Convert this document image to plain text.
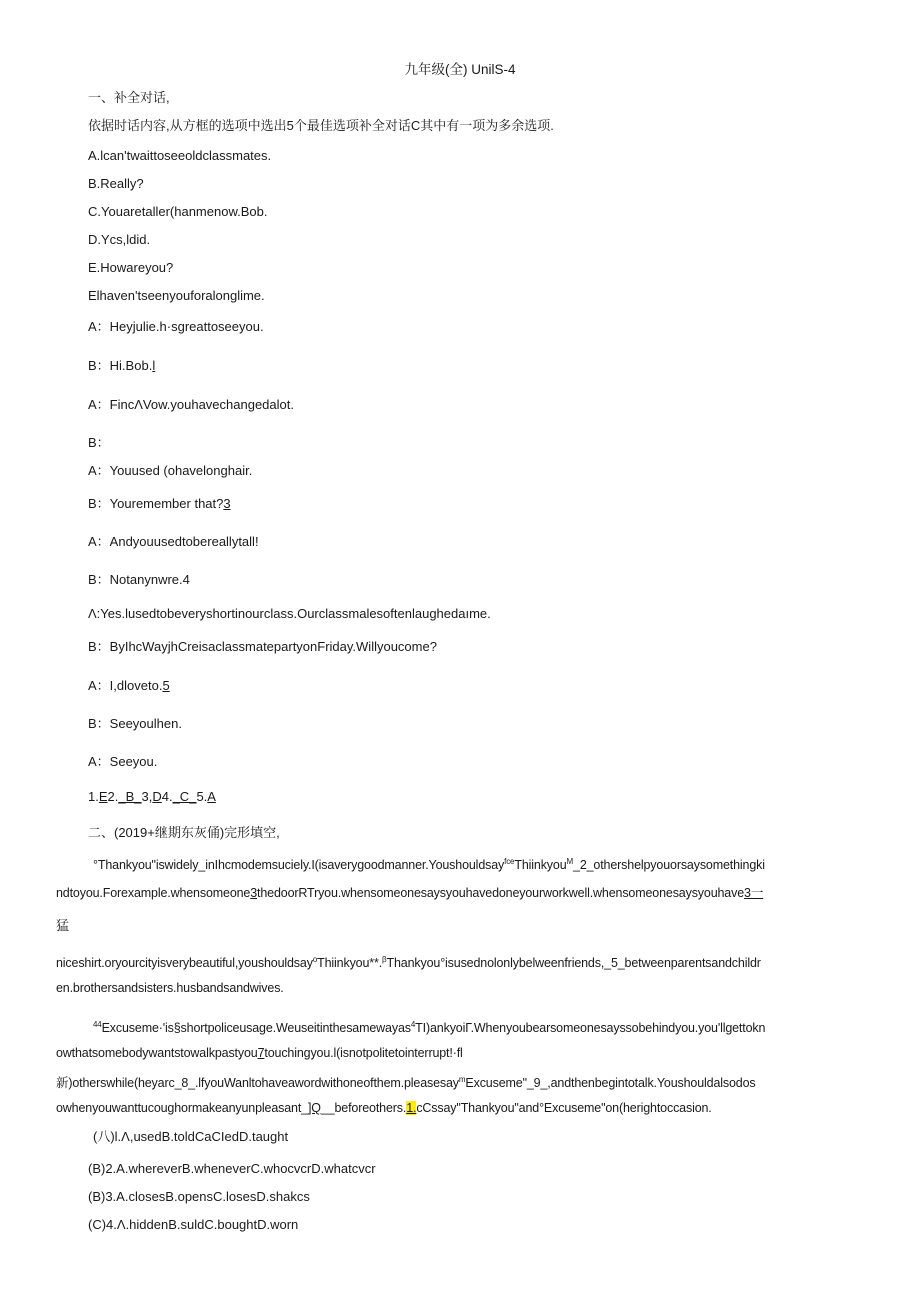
九年级(全) UnilS-4
一、补全对话,
依据时话内容,从方框的选项中选出5个最佳选项补全对话C其中有一项为多余选项.
A.lcan'twaittoseeoldclassmates.
B.Really?
C.Youaretaller(hanmenow.Bob.
D.Ycs,ldid.
E.Howareyou?
Elhaven'tseenyouforalonglime.
A：Heyjulie.h·sgreattoseeyou.
B：Hi.Bob.l
A：FincΛVow.youhavechangedalot.
B：
A：Youused (ohavelonghair.
B：Youremember that?3
A：Andyouusedtobereallytall!
B：Notanynwre.4
Λ:Yes.lusedtobeveryshortinourclass.Ourclassmalesoftenlaughedaıme.
B：ByIhcWayjhCreisaclassmatepartyonFriday.Willyoucome?
A：I,dloveto.5
B：Seeyoulhen.
A：Seeyou.
1.E2._B_3,D4._C_5.A
二、(2019+继期东灰俑)完形填空,
°Thankyou"iswidely_inIhcmodemsuciely.I(isaverygoodmanner.Youshouldsay$^{fce}$Thiinkyou$^M$_2_othershelpyouorsaysomethingki
ndtoyou.Forexample.whensomeone3thedoorRTryou.whensomeonesaysyouhavedoneyourworkwell.whensomeonesaysyouhave3一
猛
niceshirt.oryourcityisverybeautiful,youshouldsay$^o$Thiinkyou**.$^\beta$Thankyou°isusednolonlybelweenfriends,_5_betweenparentsandchildr
en.brothersandsisters.husbandsandwives.
$^{44}$Excuseme·'is§shortpoliceusage.Weuseitinthesamewayas$^4$TI)ankyoiΓ.Whenyoubearsomeonesayssobehindyou.you'llgettokn
owthatsomebodywantstowalkpastyou7touchingyou.l(isnotpolitetointerrupt!·fl
新)otherswhile(heyarc_8_.lfyouWanltohaveawordwithoneofthem.pleasesay$^m$Excuseme"_9_,andthenbegintotalk.Youshouldalsodos
owhenyouwanttucoughormakeanyunpleasant_]Q__beforeothers.1.cCssay"Thankyou"and°Excuseme"on(herightoccasion.
(八)l.Λ,usedB.toldCaCIedD.taught
(B)2.A.whereverB.wheneverC.whocvcrD.whatcvcr
(B)3.A.closesB.opensC.losesD.shakcs
(C)4.Λ.hiddenB.suldC.boughtD.worn
